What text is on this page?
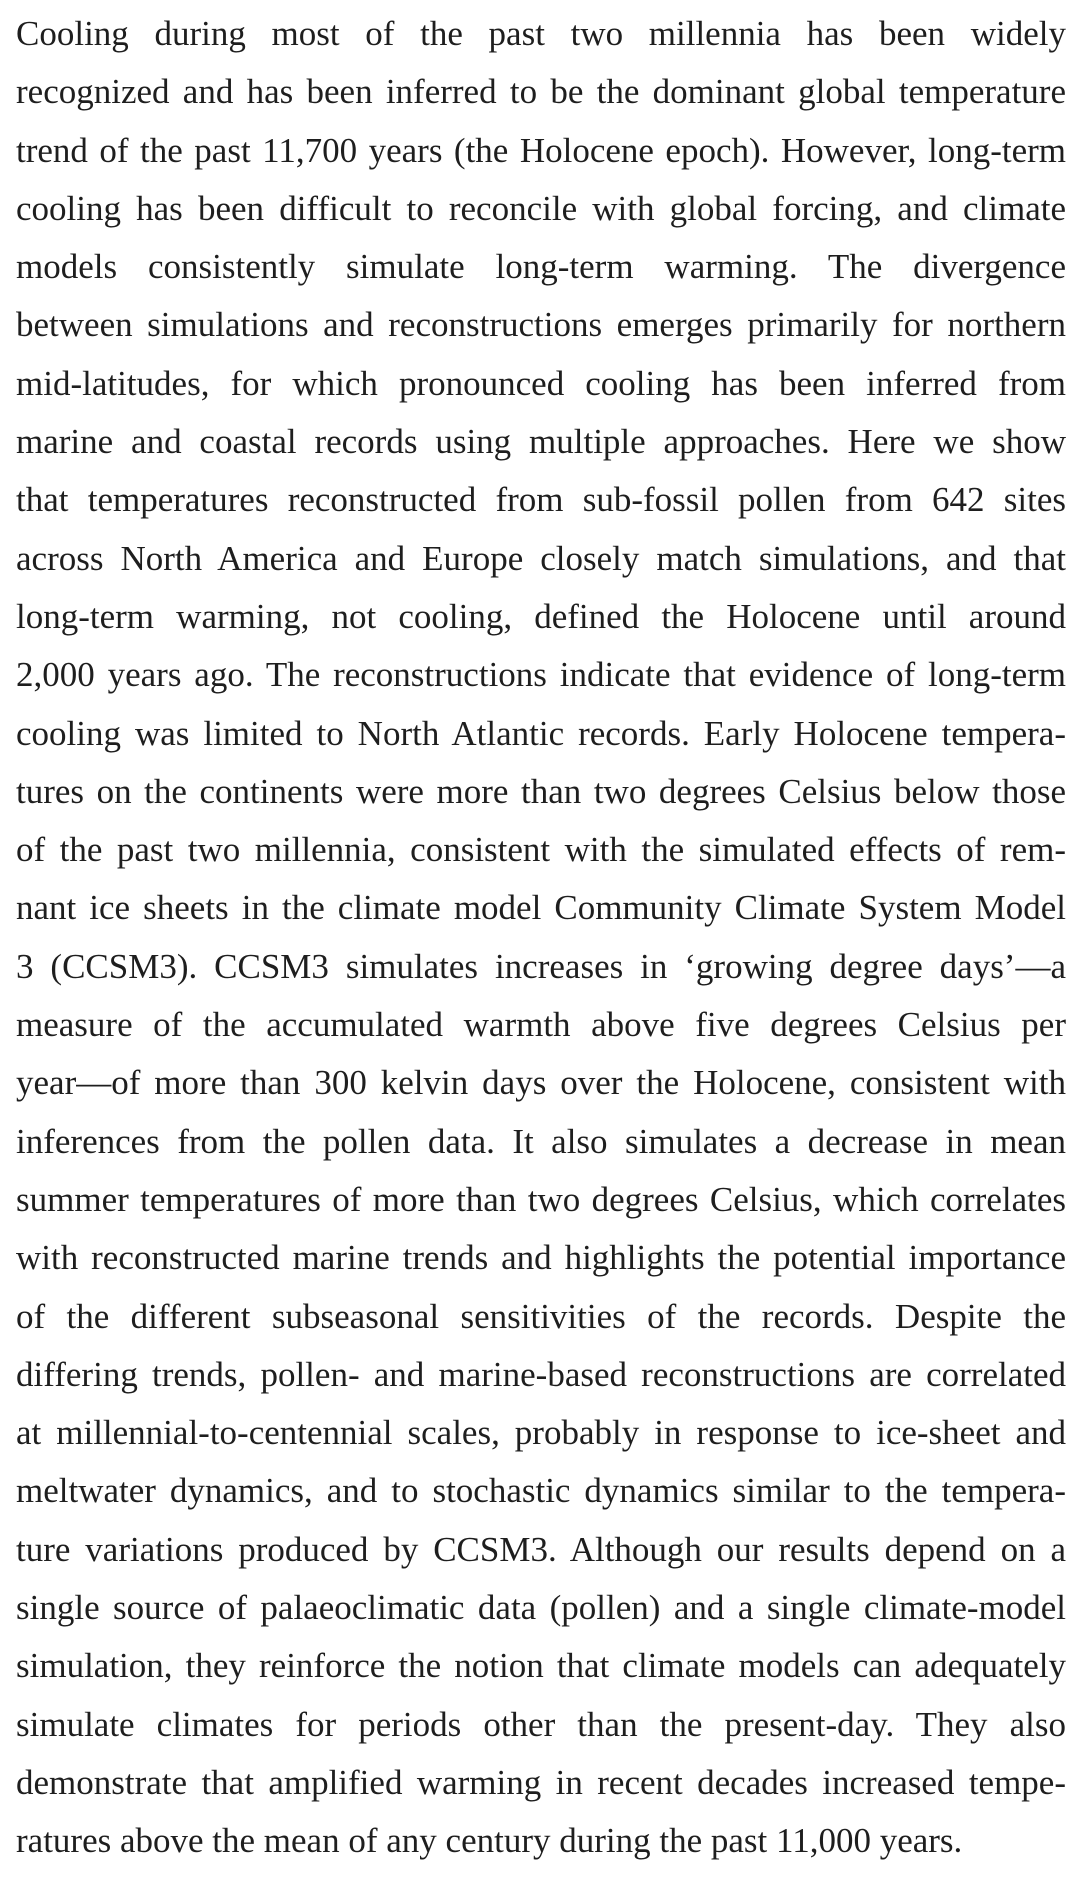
Cooling during most of the past two millennia has been widely
recognized and has been inferred to be the dominant global temperature
trend of the past 11,700 years (the Holocene epoch). However, long-term
cooling has been difficult to reconcile with global forcing, and climate
models consistently simulate long-term warming. The divergence
between simulations and reconstructions emerges primarily for northern
mid-latitudes, for which pronounced cooling has been inferred from
marine and coastal records using multiple approaches. Here we show
that temperatures reconstructed from sub-fossil pollen from 642 sites
across North America and Europe closely match simulations, and that
long-term warming, not cooling, defined the Holocene until around
2,000 years ago. The reconstructions indicate that evidence of long-term
cooling was limited to North Atlantic records. Early Holocene tempera-
tures on the continents were more than two degrees Celsius below those
of the past two millennia, consistent with the simulated effects of rem-
nant ice sheets in the climate model Community Climate System Model
3 (CCSM3). CCSM3 simulates increases in ‘growing degree days’—a
measure of the accumulated warmth above five degrees Celsius per
year—of more than 300 kelvin days over the Holocene, consistent with
inferences from the pollen data. It also simulates a decrease in mean
summer temperatures of more than two degrees Celsius, which correlates
with reconstructed marine trends and highlights the potential importance
of the different subseasonal sensitivities of the records. Despite the
differing trends, pollen- and marine-based reconstructions are correlated
at millennial-to-centennial scales, probably in response to ice-sheet and
meltwater dynamics, and to stochastic dynamics similar to the tempera-
ture variations produced by CCSM3. Although our results depend on a
single source of palaeoclimatic data (pollen) and a single climate-model
simulation, they reinforce the notion that climate models can adequately
simulate climates for periods other than the present-day. They also
demonstrate that amplified warming in recent decades increased tempe-
ratures above the mean of any century during the past 11,000 years.
